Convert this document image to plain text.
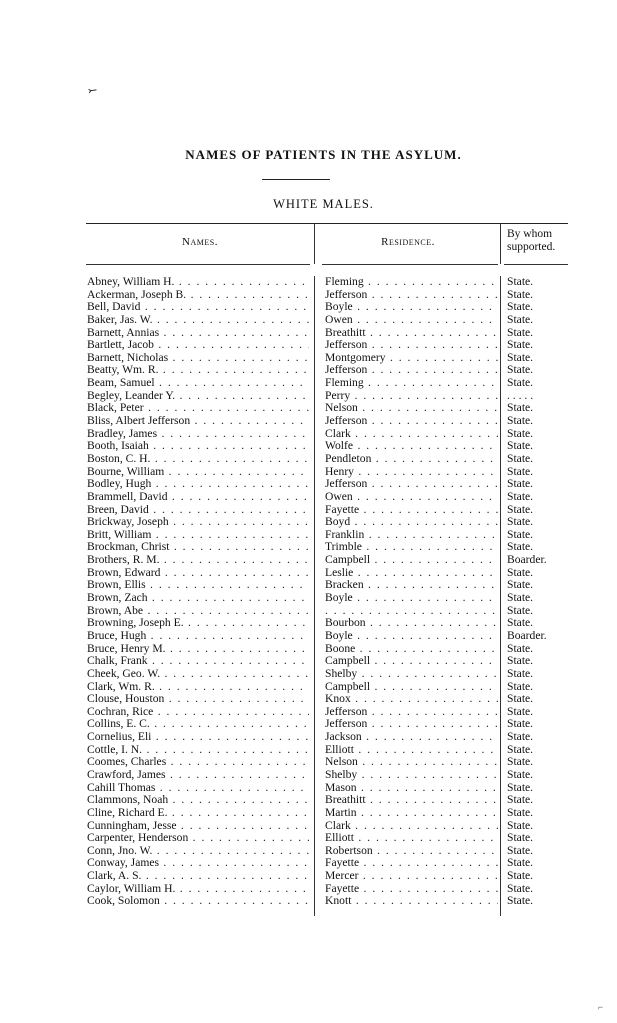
⤚
NAMES OF PATIENTS IN THE ASYLUM.
WHITE MALES.
Names.	Residence.
By whom
supported.
Abney, William H. . . .	Fleming . . .	State.
Ackerman, Joseph B. . . .	Jefferson . . .	State.
Bell, David . . .	Boyle . . .	State.
Baker, Jas. W. . . .	Owen . . .	State.
Barnett, Annias . . .	Breathitt . . .	State.
Bartlett, Jacob . . .	Jefferson . . .	State.
Barnett, Nicholas . . .	Montgomery . . .	State.
Beatty, Wm. R. . . .	Jefferson . . .	State.
Beam, Samuel . . .	Fleming . . .	State.
Begley, Leander Y. . . .	Perry . . .	. . . . .
Black, Peter . . .	Nelson . . .	State.
Bliss, Albert Jefferson . . .	Jefferson . . .	State.
Bradley, James . . .	Clark . . .	State.
Booth, Isaiah . . .	Wolfe . . .	State.
Boston, C. H. . . .	Pendleton . . .	State.
Bourne, William . . .	Henry . . .	State.
Bodley, Hugh . . .	Jefferson . . .	State.
Brammell, David . . .	Owen . . .	State.
Breen, David . . .	Fayette . . .	State.
Brickway, Joseph . . .	Boyd . . .	State.
Britt, William . . .	Franklin . . .	State.
Brockman, Christ . . .	Trimble . . .	State.
Brothers, R. M. . . .	Campbell . . .	Boarder.
Brown, Edward . . .	Leslie . . .	State.
Brown, Ellis . . .	Bracken . . .	State.
Brown, Zach . . .	Boyle . . .	State.
Brown, Abe . . .
. . .	State.
Browning, Joseph E. . . .	Bourbon . . .	State.
Bruce, Hugh . . .	Boyle . . .	Boarder.
Bruce, Henry M. . . .	Boone . . .	State.
Chalk, Frank . . .	Campbell . . .	State.
Cheek, Geo. W. . . .	Shelby . . .	State.
Clark, Wm. R. . . .	Campbell . . .	State.
Clouse, Houston . . .	Knox . . .	State.
Cochran, Rice . . .	Jefferson . . .	State.
Collins, E. C. . . .	Jefferson . . .	State.
Cornelius, Eli . . .	Jackson . . .	State.
Cottle, I. N. . . .	Elliott . . .	State.
Coomes, Charles . . .	Nelson . . .	State.
Crawford, James . . .	Shelby . . .	State.
Cahill Thomas . . .	Mason . . .	State.
Clammons, Noah . . .	Breathitt . . .	State.
Cline, Richard E. . . .	Martin . . .	State.
Cunningham, Jesse . . .	Clark . . .	State.
Carpenter, Henderson . . .	Elliott . . .	State.
Conn, Jno. W. . . .	Robertson . . .	State.
Conway, James . . .	Fayette . . .	State.
Clark, A. S. . . .	Mercer . . .	State.
Caylor, William H. . . .	Fayette . . .	State.
Cook, Solomon . . .	Knott . . .	State.
⌐
